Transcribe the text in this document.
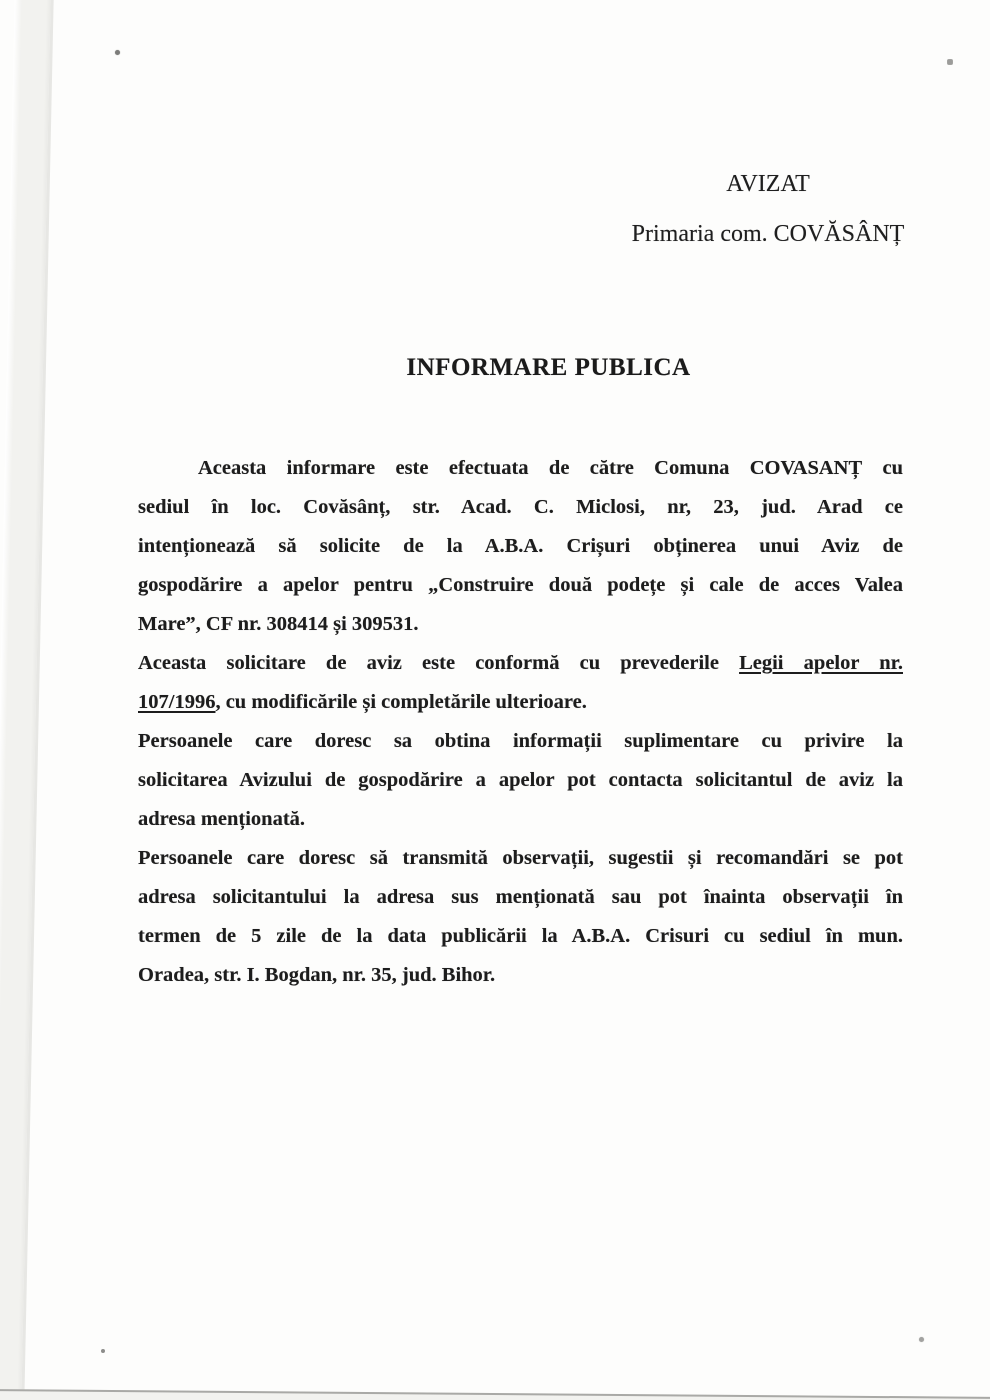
AVIZAT
Primaria com. COVĂSÂNȚ
INFORMARE PUBLICA
Aceasta informare este efectuata de către Comuna COVASANȚ cu
sediul în loc. Covăsânț, str. Acad. C. Miclosi, nr, 23, jud. Arad ce
intenționează să solicite de la A.B.A. Crișuri obținerea unui Aviz de
gospodărire a apelor pentru „Construire două podețe și cale de acces Valea
Mare”, CF nr. 308414 și 309531.
Aceasta solicitare de aviz este conformă cu prevederile Legii apelor nr.
107/1996, cu modificările și completările ulterioare.
Persoanele care doresc sa obtina informații suplimentare cu privire la
solicitarea Avizului de gospodărire a apelor pot contacta solicitantul de aviz la
adresa menționată.
Persoanele care doresc să transmită observații, sugestii și recomandări se pot
adresa solicitantului la adresa sus menționată sau pot înainta observații în
termen de 5 zile de la data publicării la A.B.A. Crisuri cu sediul în mun.
Oradea, str. I. Bogdan, nr. 35, jud. Bihor.
